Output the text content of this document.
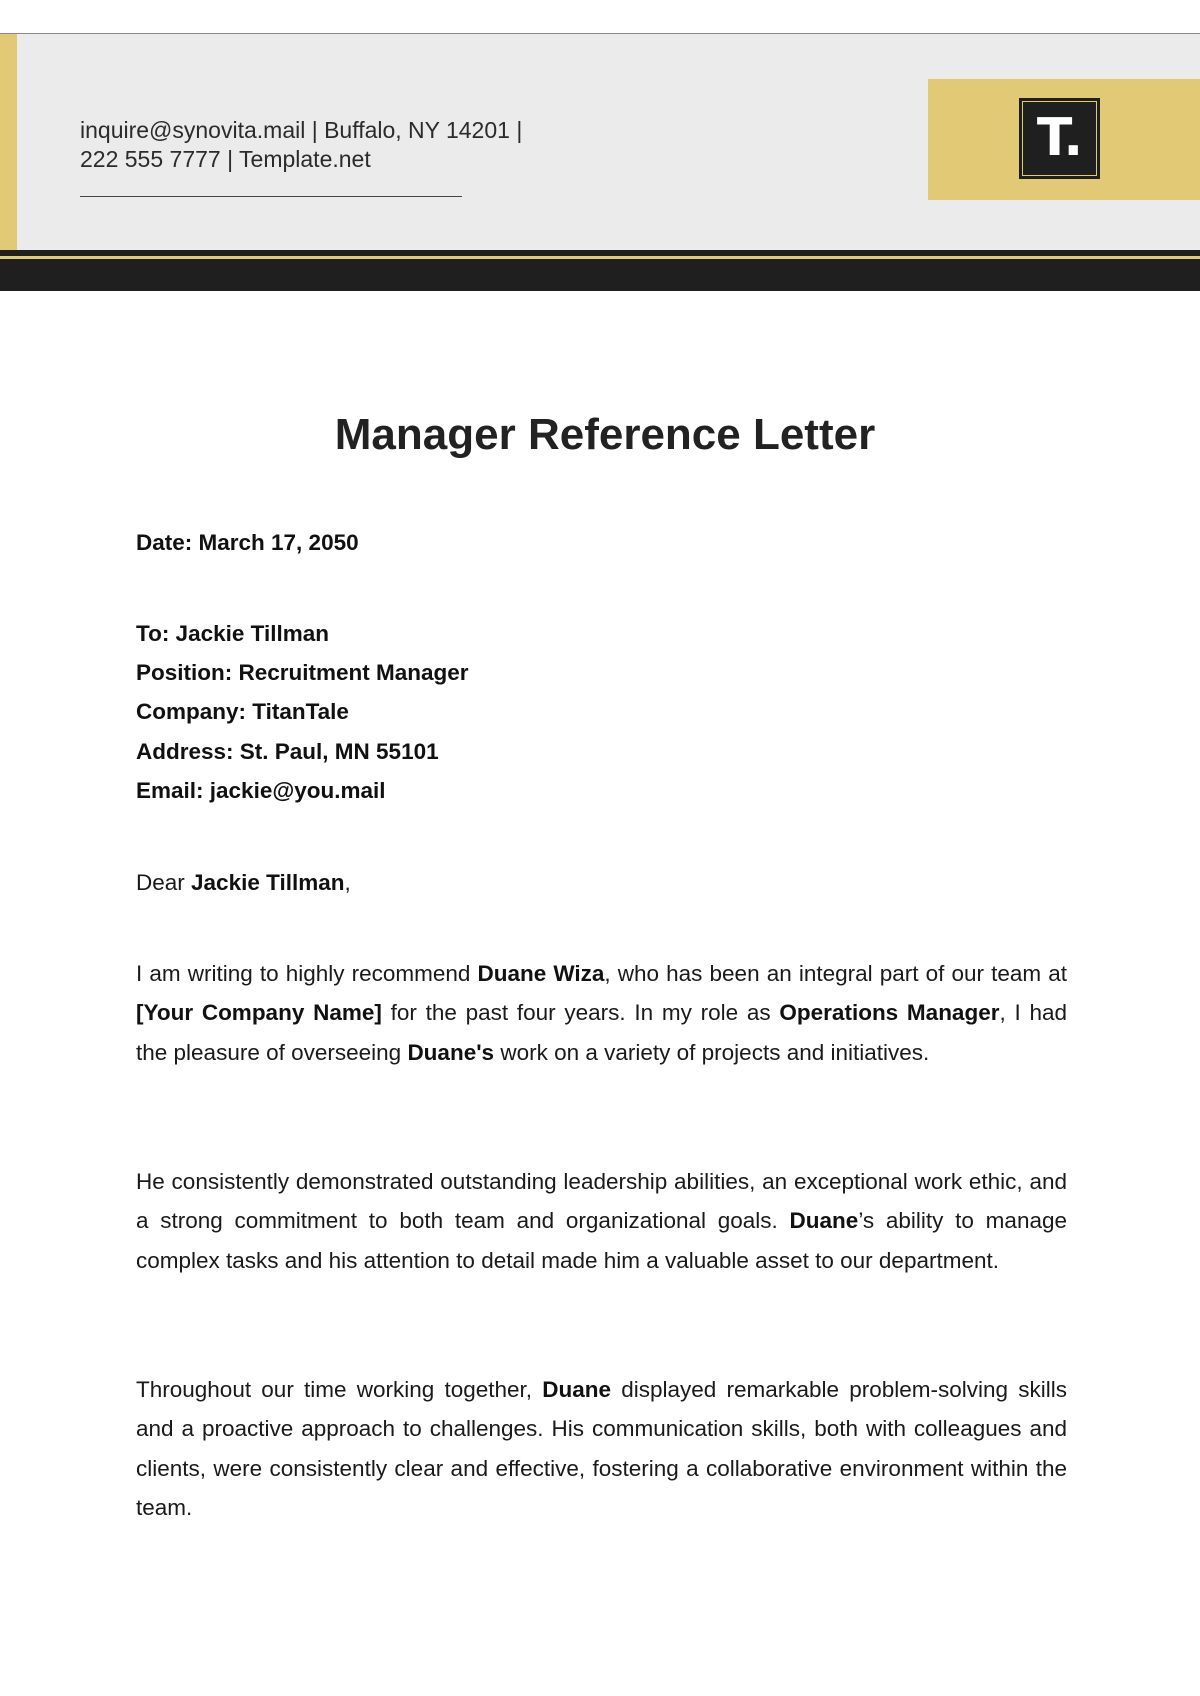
inquire@synovita.mail | Buffalo, NY 14201 |
222 555 7777 | Template.net	T.
Manager Reference Letter
Date: March 17, 2050
To: Jackie Tillman
Position: Recruitment Manager
Company: TitanTale
Address: St. Paul, MN 55101
Email: jackie@you.mail
Dear Jackie Tillman,
I am writing to highly recommend Duane Wiza, who has been an integral part of our team at [Your Company Name] for the past four years. In my role as Operations Manager, I had the pleasure of overseeing Duane's work on a variety of projects and initiatives.
He consistently demonstrated outstanding leadership abilities, an exceptional work ethic, and a strong commitment to both team and organizational goals. Duane’s ability to manage complex tasks and his attention to detail made him a valuable asset to our department.
Throughout our time working together, Duane displayed remarkable problem-solving skills and a proactive approach to challenges. His communication skills, both with colleagues and clients, were consistently clear and effective, fostering a collaborative environment within the team.
